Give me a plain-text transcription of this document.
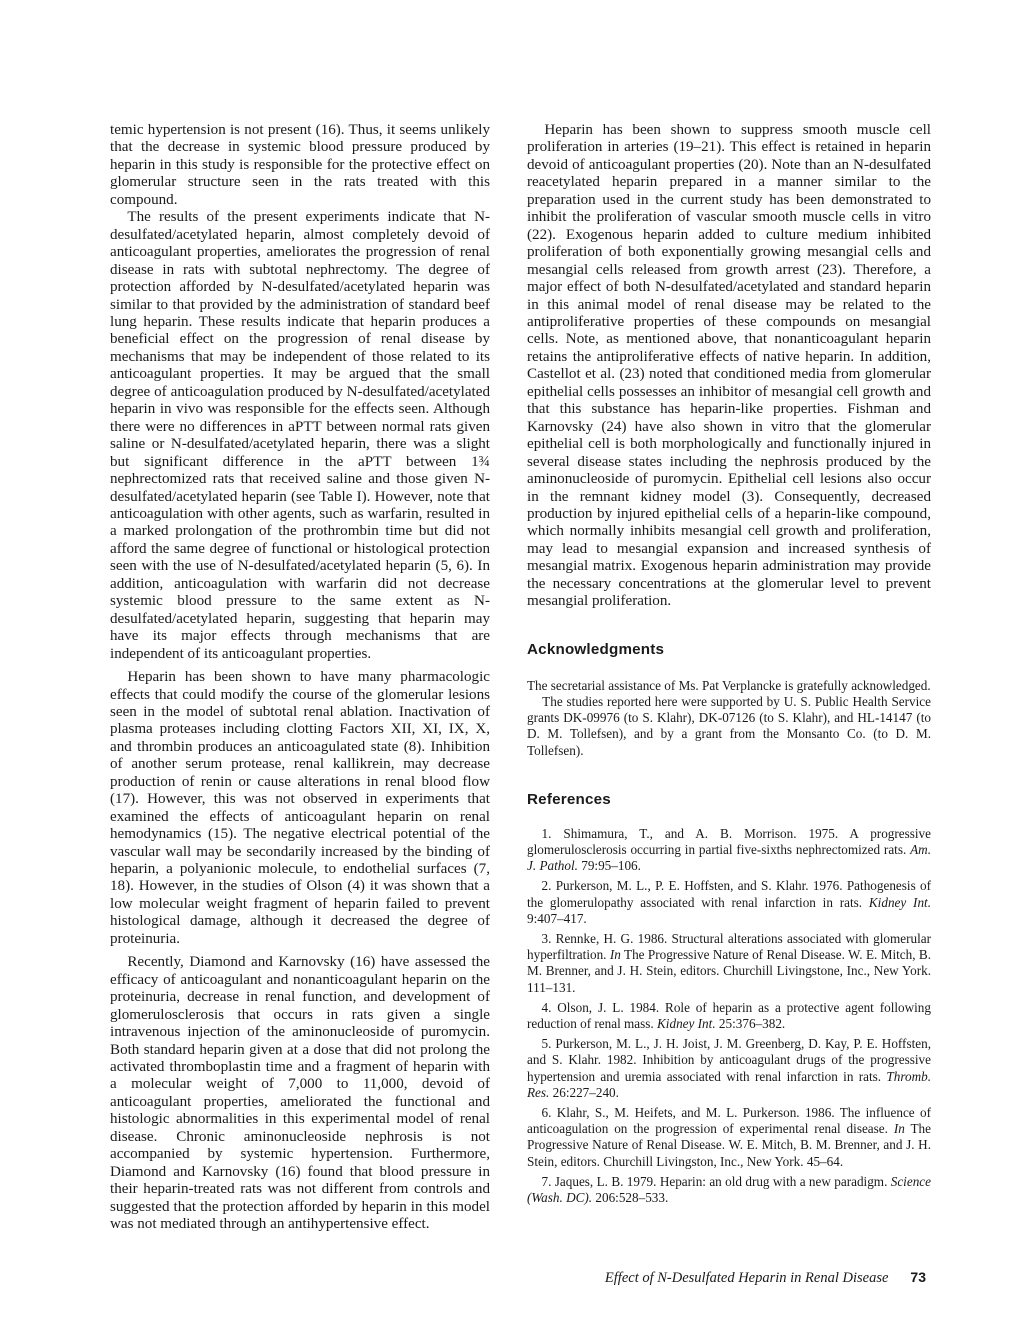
temic hypertension is not present (16). Thus, it seems unlikely that the decrease in systemic blood pressure produced by heparin in this study is responsible for the protective effect on glomerular structure seen in the rats treated with this compound.

The results of the present experiments indicate that N-desulfated/acetylated heparin, almost completely devoid of anticoagulant properties, ameliorates the progression of renal disease in rats with subtotal nephrectomy. The degree of protection afforded by N-desulfated/acetylated heparin was similar to that provided by the administration of standard beef lung heparin. These results indicate that heparin produces a beneficial effect on the progression of renal disease by mechanisms that may be independent of those related to its anticoagulant properties. It may be argued that the small degree of anticoagulation produced by N-desulfated/acetylated heparin in vivo was responsible for the effects seen. Although there were no differences in aPTT between normal rats given saline or N-desulfated/acetylated heparin, there was a slight but significant difference in the aPTT between 1¾ nephrectomized rats that received saline and those given N-desulfated/acetylated heparin (see Table I). However, note that anticoagulation with other agents, such as warfarin, resulted in a marked prolongation of the prothrombin time but did not afford the same degree of functional or histological protection seen with the use of N-desulfated/acetylated heparin (5, 6). In addition, anticoagulation with warfarin did not decrease systemic blood pressure to the same extent as N-desulfated/acetylated heparin, suggesting that heparin may have its major effects through mechanisms that are independent of its anticoagulant properties.

Heparin has been shown to have many pharmacologic effects that could modify the course of the glomerular lesions seen in the model of subtotal renal ablation. Inactivation of plasma proteases including clotting Factors XII, XI, IX, X, and thrombin produces an anticoagulated state (8). Inhibition of another serum protease, renal kallikrein, may decrease production of renin or cause alterations in renal blood flow (17). However, this was not observed in experiments that examined the effects of anticoagulant heparin on renal hemodynamics (15). The negative electrical potential of the vascular wall may be secondarily increased by the binding of heparin, a polyanionic molecule, to endothelial surfaces (7, 18). However, in the studies of Olson (4) it was shown that a low molecular weight fragment of heparin failed to prevent histological damage, although it decreased the degree of proteinuria.

Recently, Diamond and Karnovsky (16) have assessed the efficacy of anticoagulant and nonanticoagulant heparin on the proteinuria, decrease in renal function, and development of glomerulosclerosis that occurs in rats given a single intravenous injection of the aminonucleoside of puromycin. Both standard heparin given at a dose that did not prolong the activated thromboplastin time and a fragment of heparin with a molecular weight of 7,000 to 11,000, devoid of anticoagulant properties, ameliorated the functional and histologic abnormalities in this experimental model of renal disease. Chronic aminonucleoside nephrosis is not accompanied by systemic hypertension. Furthermore, Diamond and Karnovsky (16) found that blood pressure in their heparin-treated rats was not different from controls and suggested that the protection afforded by heparin in this model was not mediated through an antihypertensive effect.

Heparin has been shown to suppress smooth muscle cell proliferation in arteries (19–21). This effect is retained in heparin devoid of anticoagulant properties (20). Note than an N-desulfated reacetylated heparin prepared in a manner similar to the preparation used in the current study has been demonstrated to inhibit the proliferation of vascular smooth muscle cells in vitro (22). Exogenous heparin added to culture medium inhibited proliferation of both exponentially growing mesangial cells and mesangial cells released from growth arrest (23). Therefore, a major effect of both N-desulfated/acetylated and standard heparin in this animal model of renal disease may be related to the antiproliferative properties of these compounds on mesangial cells. Note, as mentioned above, that nonanticoagulant heparin retains the antiproliferative effects of native heparin. In addition, Castellot et al. (23) noted that conditioned media from glomerular epithelial cells possesses an inhibitor of mesangial cell growth and that this substance has heparin-like properties. Fishman and Karnovsky (24) have also shown in vitro that the glomerular epithelial cell is both morphologically and functionally injured in several disease states including the nephrosis produced by the aminonucleoside of puromycin. Epithelial cell lesions also occur in the remnant kidney model (3). Consequently, decreased production by injured epithelial cells of a heparin-like compound, which normally inhibits mesangial cell growth and proliferation, may lead to mesangial expansion and increased synthesis of mesangial matrix. Exogenous heparin administration may provide the necessary concentrations at the glomerular level to prevent mesangial proliferation.

Acknowledgments

The secretarial assistance of Ms. Pat Verplancke is gratefully acknowledged.

The studies reported here were supported by U. S. Public Health Service grants DK-09976 (to S. Klahr), DK-07126 (to S. Klahr), and HL-14147 (to D. M. Tollefsen), and by a grant from the Monsanto Co. (to D. M. Tollefsen).

References

1. Shimamura, T., and A. B. Morrison. 1975. A progressive glomerulosclerosis occurring in partial five-sixths nephrectomized rats. Am. J. Pathol. 79:95–106.

2. Purkerson, M. L., P. E. Hoffsten, and S. Klahr. 1976. Pathogenesis of the glomerulopathy associated with renal infarction in rats. Kidney Int. 9:407–417.

3. Rennke, H. G. 1986. Structural alterations associated with glomerular hyperfiltration. In The Progressive Nature of Renal Disease. W. E. Mitch, B. M. Brenner, and J. H. Stein, editors. Churchill Livingstone, Inc., New York. 111–131.

4. Olson, J. L. 1984. Role of heparin as a protective agent following reduction of renal mass. Kidney Int. 25:376–382.

5. Purkerson, M. L., J. H. Joist, J. M. Greenberg, D. Kay, P. E. Hoffsten, and S. Klahr. 1982. Inhibition by anticoagulant drugs of the progressive hypertension and uremia associated with renal infarction in rats. Thromb. Res. 26:227–240.

6. Klahr, S., M. Heifets, and M. L. Purkerson. 1986. The influence of anticoagulation on the progression of experimental renal disease. In The Progressive Nature of Renal Disease. W. E. Mitch, B. M. Brenner, and J. H. Stein, editors. Churchill Livingston, Inc., New York. 45–64.

7. Jaques, L. B. 1979. Heparin: an old drug with a new paradigm. Science (Wash. DC). 206:528–533.

Effect of N-Desulfated Heparin in Renal Disease 73
